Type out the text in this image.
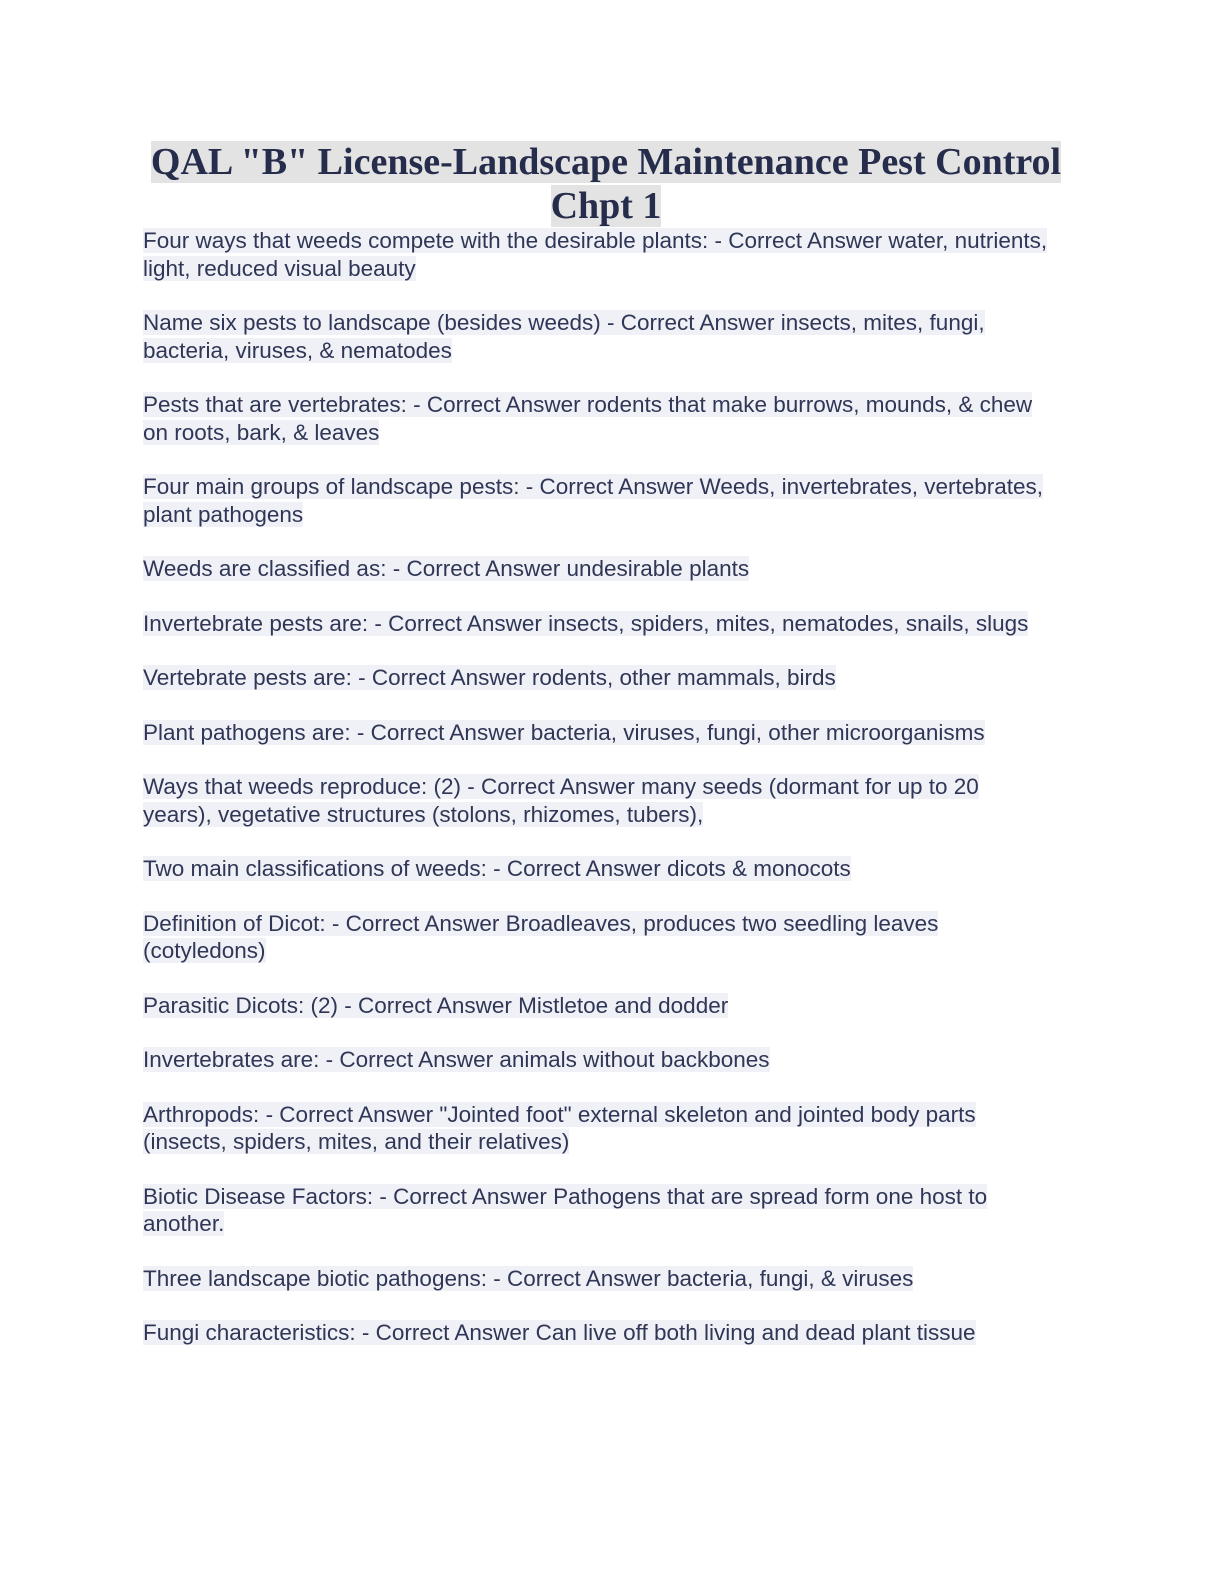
QAL "B" License-Landscape Maintenance Pest Control Chpt 1
Four ways that weeds compete with the desirable plants: - Correct Answer water, nutrients, light, reduced visual beauty
Name six pests to landscape (besides weeds) - Correct Answer insects, mites, fungi, bacteria, viruses, & nematodes
Pests that are vertebrates: - Correct Answer rodents that make burrows, mounds, & chew on roots, bark, & leaves
Four main groups of landscape pests: - Correct Answer Weeds, invertebrates, vertebrates, plant pathogens
Weeds are classified as: - Correct Answer undesirable plants
Invertebrate pests are: - Correct Answer insects, spiders, mites, nematodes, snails, slugs
Vertebrate pests are: - Correct Answer rodents, other mammals, birds
Plant pathogens are: - Correct Answer bacteria, viruses, fungi, other microorganisms
Ways that weeds reproduce: (2) - Correct Answer many seeds (dormant for up to 20 years), vegetative structures (stolons, rhizomes, tubers),
Two main classifications of weeds: - Correct Answer dicots & monocots
Definition of Dicot: - Correct Answer Broadleaves, produces two seedling leaves (cotyledons)
Parasitic Dicots: (2) - Correct Answer Mistletoe and dodder
Invertebrates are: - Correct Answer animals without backbones
Arthropods: - Correct Answer "Jointed foot" external skeleton and jointed body parts (insects, spiders, mites, and their relatives)
Biotic Disease Factors: - Correct Answer Pathogens that are spread form one host to another.
Three landscape biotic pathogens: - Correct Answer bacteria, fungi, & viruses
Fungi characteristics: - Correct Answer Can live off both living and dead plant tissue
